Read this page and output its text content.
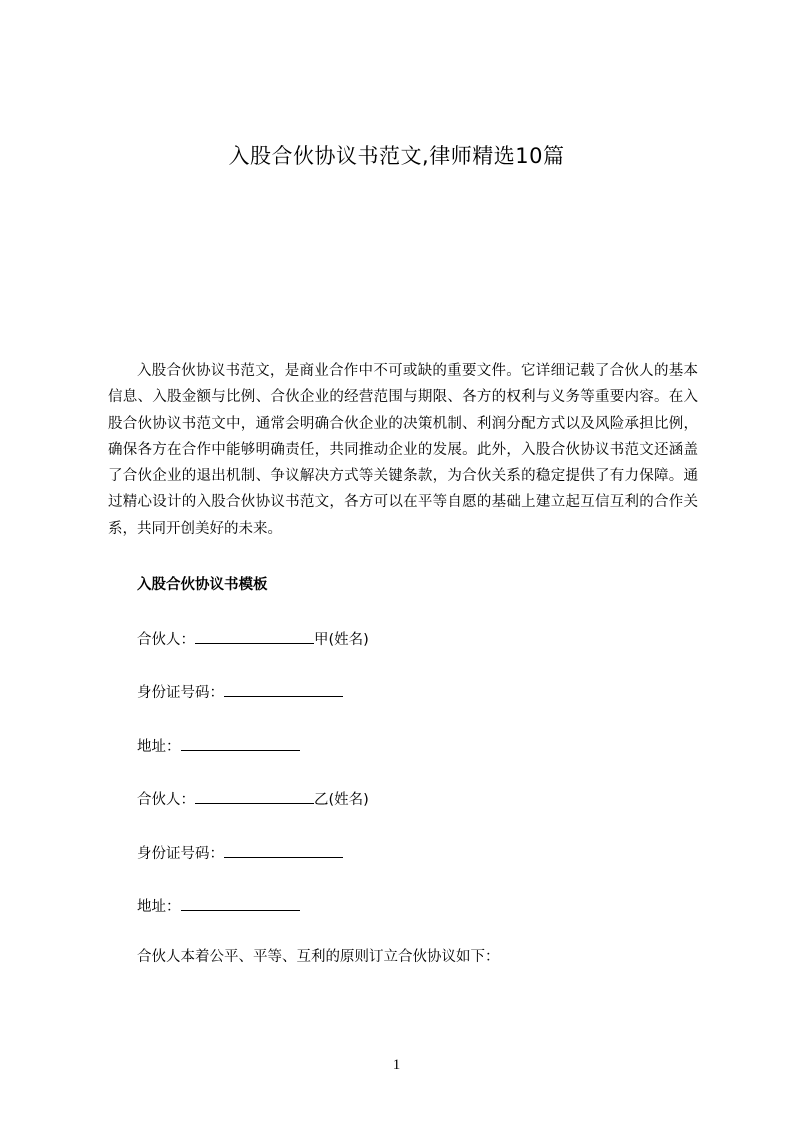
入股合伙协议书范文,律师精选10篇

入股合伙协议书范文，是商业合作中不可或缺的重要文件。它详细记载了合伙人的基本信息、入股金额与比例、合伙企业的经营范围与期限、各方的权利与义务等重要内容。在入股合伙协议书范文中，通常会明确合伙企业的决策机制、利润分配方式以及风险承担比例，确保各方在合作中能够明确责任，共同推动企业的发展。此外，入股合伙协议书范文还涵盖了合伙企业的退出机制、争议解决方式等关键条款，为合伙关系的稳定提供了有力保障。通过精心设计的入股合伙协议书范文，各方可以在平等自愿的基础上建立起互信互利的合作关系，共同开创美好的未来。

入股合伙协议书模板
合伙人：	甲(姓名)
身份证号码：
地址：
合伙人：	乙(姓名)
身份证号码：
地址：
合伙人本着公平、平等、互利的原则订立合伙协议如下：
1
